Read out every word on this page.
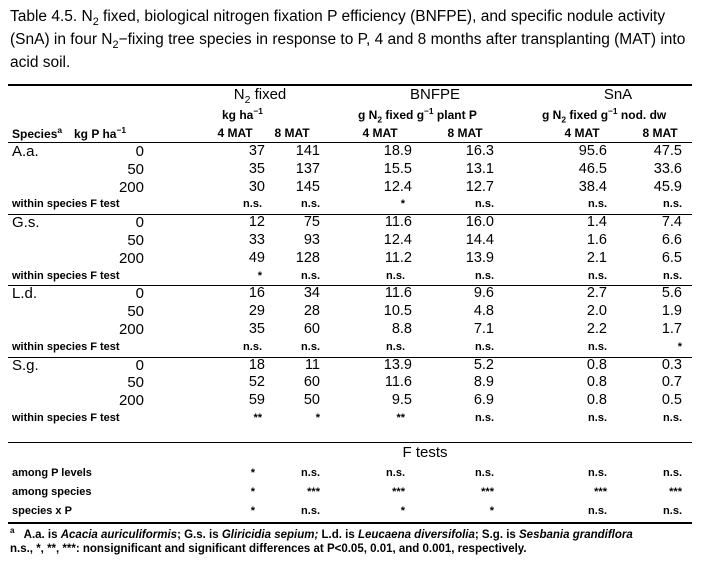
Table 4.5. $N_2$ fixed, biological nitrogen fixation P efficiency (BNFPE), and specific nodule activity (SnA) in four $N_2-fixing$ tree species in response to P, 4 and 8 months after transplanting (MAT) into acid soil.
$N_2$ fixed	BNFPE	SnA
kg $ha^{-1}$	g $N_2$ fixed $g^{-1}$ plant P	g $N_2$ fixed $g^{-1}$ nod. dw
Species$^a$ kg P $ha^{-1}$	4 MAT	8 MAT	4 MAT	8 MAT	4 MAT	8 MAT
A.a.	0	37	141	18.9	16.3	95.6	47.5
50	35	137	15.5	13.1	46.5	33.6
200	30	145	12.4	12.7	38.4	45.9
within species F test	n.s.	n.s.	*	n.s.	n.s.	n.s.
G.s.	0	12	75	11.6	16.0	1.4	7.4
50	33	93	12.4	14.4	1.6	6.6
200	49	128	11.2	13.9	2.1	6.5
within species F test	*	n.s.	n.s.	n.s.	n.s.	n.s.
L.d.	0	16	34	11.6	9.6	2.7	5.6
50	29	28	10.5	4.8	2.0	1.9
200	35	60	8.8	7.1	2.2	1.7
within species F test	n.s.	n.s.	n.s.	n.s.	n.s.	*
S.g.	0	18	11	13.9	5.2	0.8	0.3
50	52	60	11.6	8.9	0.8	0.7
200	59	50	9.5	6.9	0.8	0.5
within species F test	**	*	**	n.s.	n.s.	n.s.
F tests
among P levels	*	n.s.	n.s.	n.s.	n.s.	n.s.
among species	*	***	***	***	***	***
species x P	*	n.s.	*	*	n.s.	n.s.
$^a$   A.a. is Acacia auriculiformis; G.s. is Gliricidia sepium; L.d. is Leucaena diversifolia; S.g. is Sesbania grandiflora
n.s., *, **, ***: nonsignificant and significant differences at P<0.05, 0.01, and 0.001, respectively.
